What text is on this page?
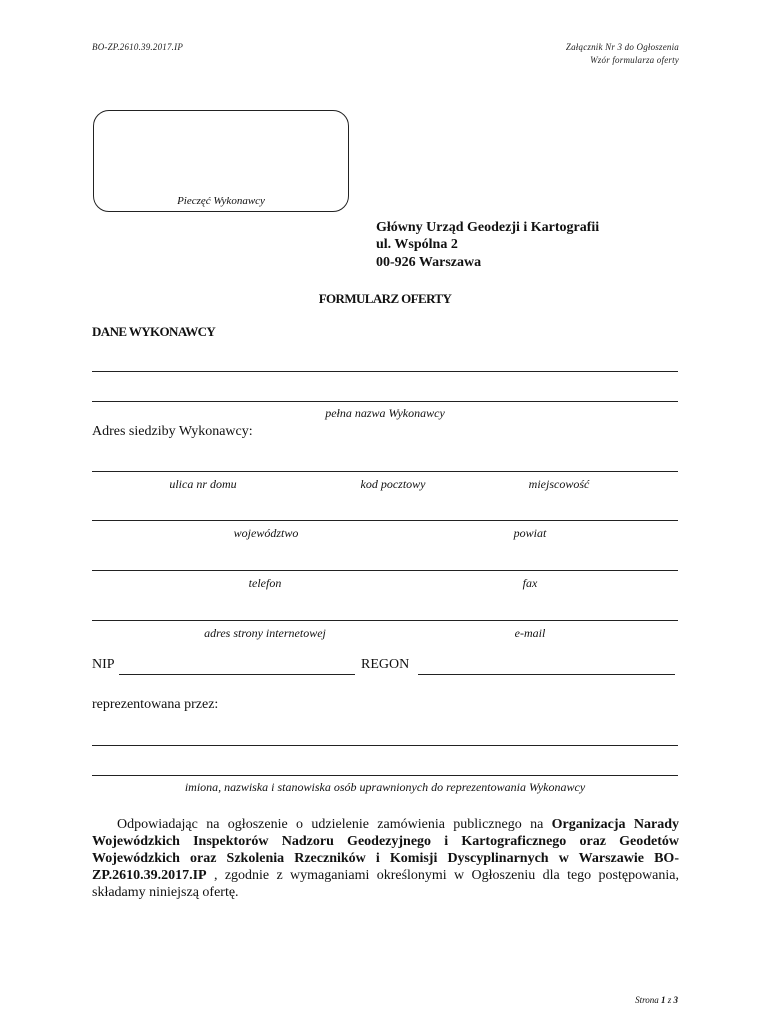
BO-ZP.2610.39.2017.IP	Załącznik Nr 3 do Ogłoszenia
Wzór formularza oferty
Pieczęć Wykonawcy
Główny Urząd Geodezji i Kartografii
ul. Wspólna 2
00-926 Warszawa
FORMULARZ OFERTY
DANE WYKONAWCY
pełna nazwa Wykonawcy
Adres siedziby Wykonawcy:
ulica nr domu	kod pocztowy	miejscowość
województwo	powiat
telefon	fax
adres strony internetowej	e-mail
NIP	REGON
reprezentowana przez:
imiona, nazwiska i stanowiska osób uprawnionych do reprezentowania Wykonawcy
Odpowiadając na ogłoszenie o udzielenie zamówienia publicznego na Organizacja Narady Wojewódzkich Inspektorów Nadzoru Geodezyjnego i Kartograficznego oraz Geodetów Wojewódzkich oraz Szkolenia Rzeczników i Komisji Dyscyplinarnych w Warszawie BO-ZP.2610.39.2017.IP , zgodnie z wymaganiami określonymi w Ogłoszeniu dla tego postępowania, składamy niniejszą ofertę.
Strona 1 z 3
